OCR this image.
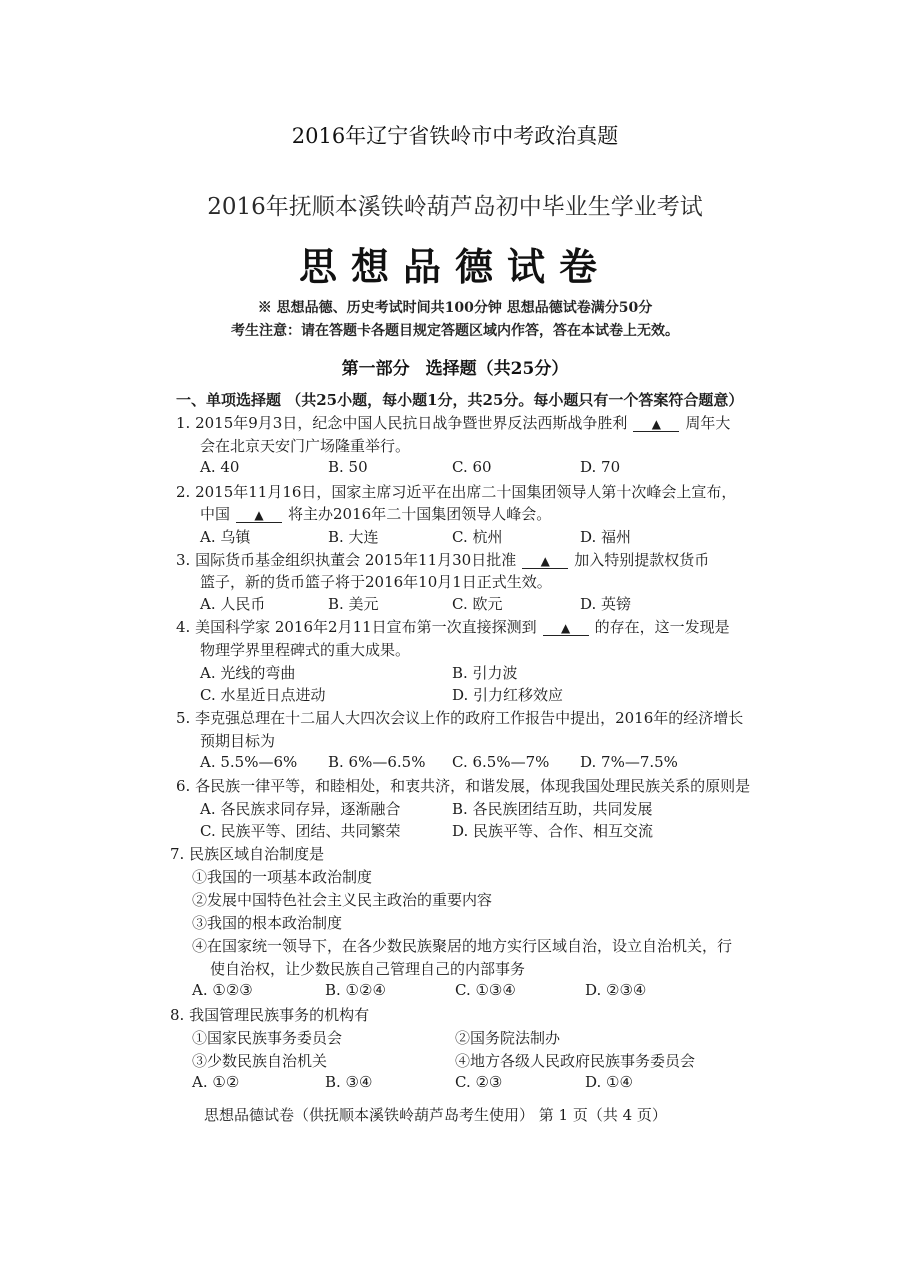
2016年辽宁省铁岭市中考政治真题
2016年抚顺本溪铁岭葫芦岛初中毕业生学业考试
思想品德试卷
※ 思想品德、历史考试时间共100分钟 思想品德试卷满分50分
考生注意：请在答题卡各题目规定答题区域内作答，答在本试卷上无效。
第一部分 选择题（共25分）
一、单项选择题 （共25小题，每小题1分，共25分。每小题只有一个答案符合题意）
1. 2015年9月3日，纪念中国人民抗日战争暨世界反法西斯战争胜利 ▲ 周年大
会在北京天安门广场隆重举行。
A. 40	B. 50	C. 60	D. 70
2. 2015年11月16日，国家主席习近平在出席二十国集团领导人第十次峰会上宣布，
中国 ▲ 将主办2016年二十国集团领导人峰会。
A. 乌镇	B. 大连	C. 杭州	D. 福州
3. 国际货币基金组织执董会 2015年11月30日批准 ▲ 加入特别提款权货币
篮子，新的货币篮子将于2016年10月1日正式生效。
A. 人民币	B. 美元	C. 欧元	D. 英镑
4. 美国科学家 2016年2月11日宣布第一次直接探测到 ▲ 的存在，这一发现是
物理学界里程碑式的重大成果。
A. 光线的弯曲	B. 引力波
C. 水星近日点进动	D. 引力红移效应
5. 李克强总理在十二届人大四次会议上作的政府工作报告中提出，2016年的经济增长
预期目标为
A. 5.5%—6% B. 6%—6.5% C. 6.5%—7% D. 7%—7.5%
6. 各民族一律平等，和睦相处，和衷共济，和谐发展，体现我国处理民族关系的原则是
A. 各民族求同存异，逐渐融合	B. 各民族团结互助，共同发展
C. 民族平等、团结、共同繁荣	D. 民族平等、合作、相互交流
7. 民族区域自治制度是
①我国的一项基本政治制度
②发展中国特色社会主义民主政治的重要内容
③我国的根本政治制度
④在国家统一领导下，在各少数民族聚居的地方实行区域自治，设立自治机关，行
使自治权，让少数民族自己管理自己的内部事务
A. ①②③	B. ①②④	C. ①③④	D. ②③④
8. 我国管理民族事务的机构有
①国家民族事务委员会	②国务院法制办
③少数民族自治机关	④地方各级人民政府民族事务委员会
A. ①②	B. ③④	C. ②③	D. ①④
思想品德试卷（供抚顺本溪铁岭葫芦岛考生使用） 第 1 页（共 4 页）
